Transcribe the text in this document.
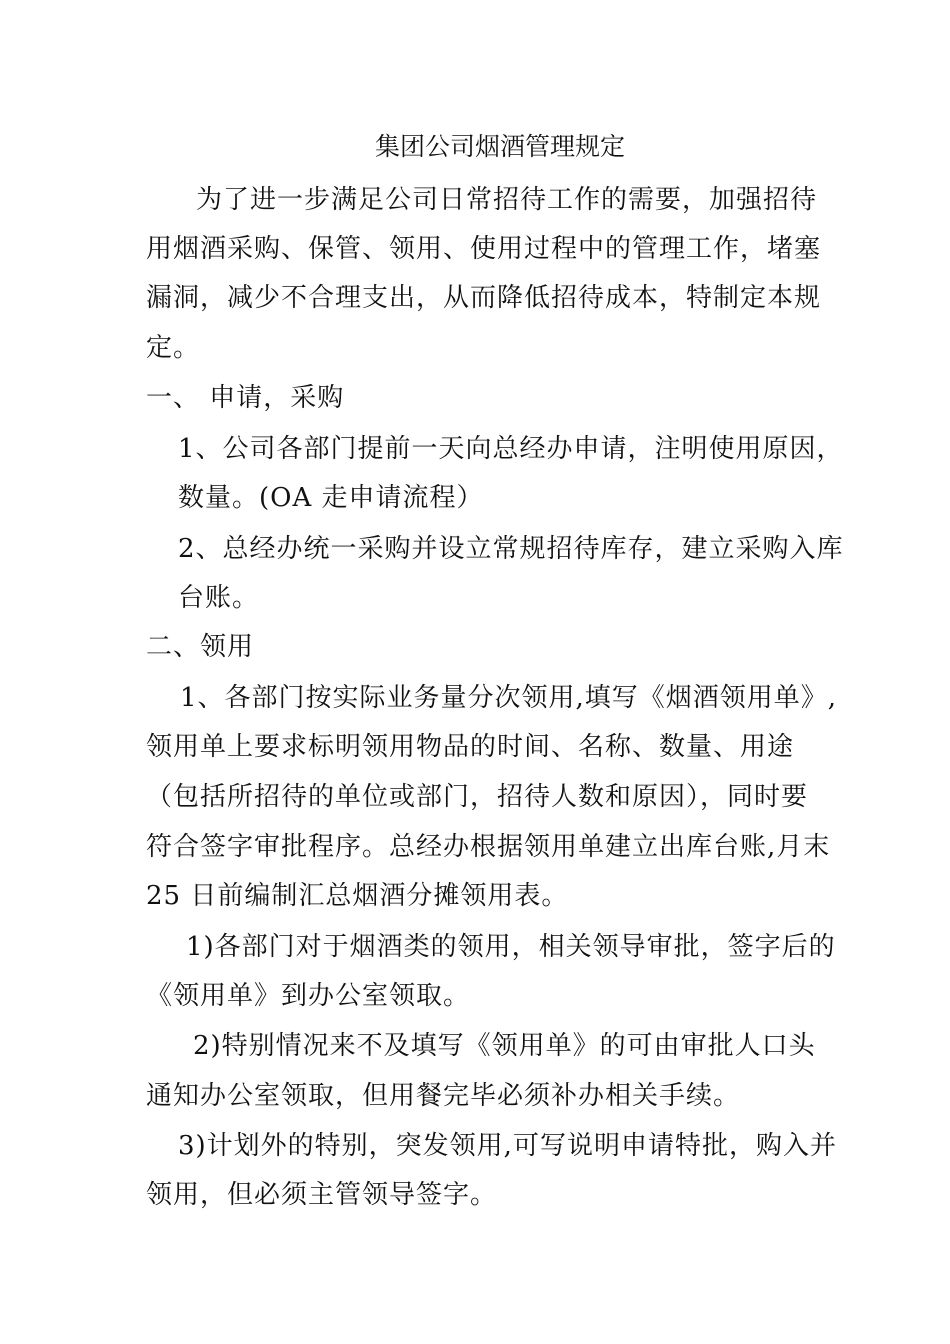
集团公司烟酒管理规定
为了进一步满足公司日常招待工作的需要，加强招待
用烟酒采购、保管、领用、使用过程中的管理工作，堵塞
漏洞，减少不合理支出，从而降低招待成本，特制定本规
定。
一、 申请，采购
1、公司各部门提前一天向总经办申请，注明使用原因，
数量。(OA 走申请流程）
2、总经办统一采购并设立常规招待库存，建立采购入库
台账。
二、领用
1、各部门按实际业务量分次领用,填写《烟酒领用单》,
领用单上要求标明领用物品的时间、名称、数量、用途
（包括所招待的单位或部门，招待人数和原因），同时要
符合签字审批程序。总经办根据领用单建立出库台账,月末
25 日前编制汇总烟酒分摊领用表。
1)各部门对于烟酒类的领用，相关领导审批，签字后的
《领用单》到办公室领取。
2)特别情况来不及填写《领用单》的可由审批人口头
通知办公室领取，但用餐完毕必须补办相关手续。
3)计划外的特别，突发领用,可写说明申请特批，购入并
领用，但必须主管领导签字。
